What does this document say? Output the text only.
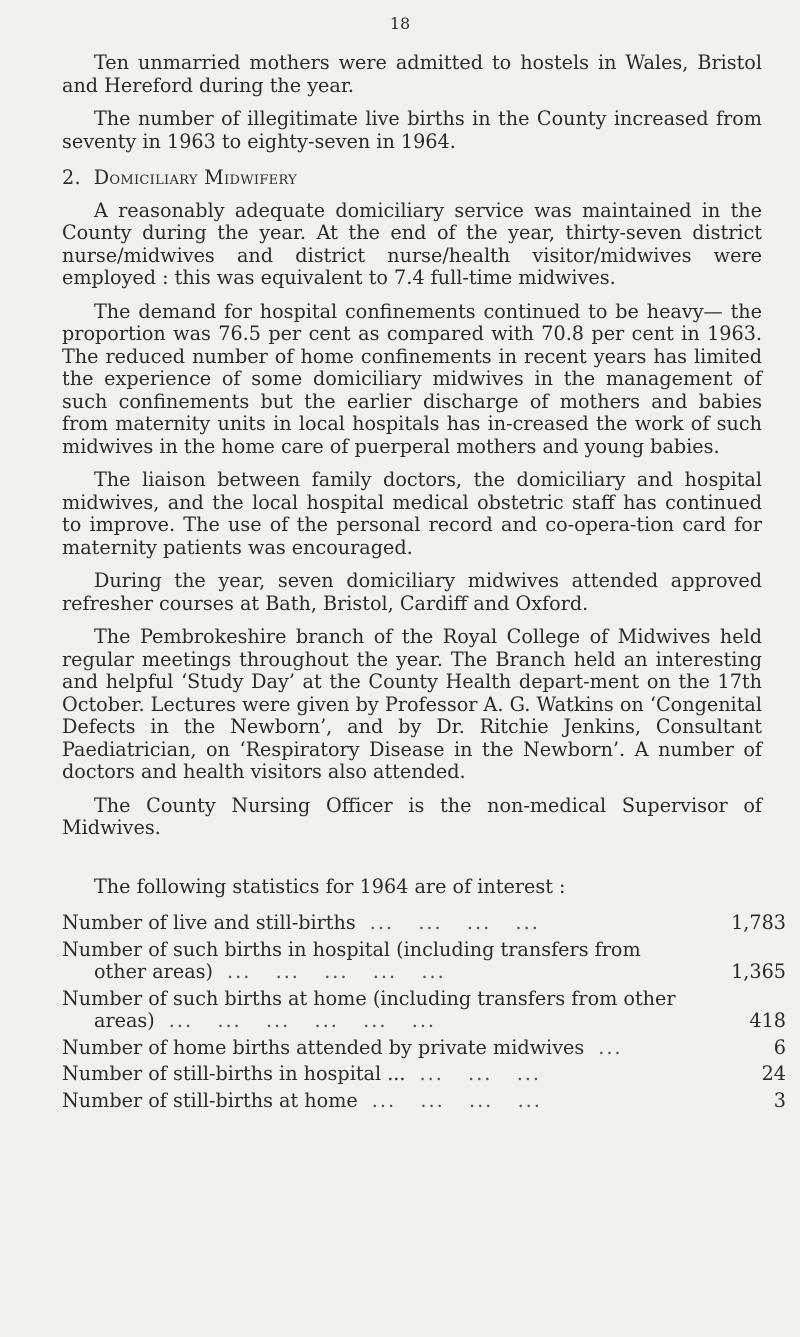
18

Ten unmarried mothers were admitted to hostels in Wales, Bristol and Hereford during the year.

The number of illegitimate live births in the County increased from seventy in 1963 to eighty-seven in 1964.

2. Domiciliary Midwifery

A reasonably adequate domiciliary service was maintained in the County during the year. At the end of the year, thirty-seven district nurse/midwives and district nurse/health visitor/midwives were employed : this was equivalent to 7.4 full-time midwives.

The demand for hospital confinements continued to be heavy— the proportion was 76.5 per cent as compared with 70.8 per cent in 1963. The reduced number of home confinements in recent years has limited the experience of some domiciliary midwives in the management of such confinements but the earlier discharge of mothers and babies from maternity units in local hospitals has in-creased the work of such midwives in the home care of puerperal mothers and young babies.

The liaison between family doctors, the domiciliary and hospital midwives, and the local hospital medical obstetric staff has continued to improve. The use of the personal record and co-opera-tion card for maternity patients was encouraged.

During the year, seven domiciliary midwives attended approved refresher courses at Bath, Bristol, Cardiff and Oxford.

The Pembrokeshire branch of the Royal College of Midwives held regular meetings throughout the year. The Branch held an interesting and helpful ‘Study Day’ at the County Health depart-ment on the 17th October. Lectures were given by Professor A. G. Watkins on ‘Congenital Defects in the Newborn’, and by Dr. Ritchie Jenkins, Consultant Paediatrician, on ‘Respiratory Disease in the Newborn’. A number of doctors and health visitors also attended.

The County Nursing Officer is the non-medical Supervisor of Midwives.

The following statistics for 1964 are of interest :

Number of live and still-births ...   ...   ...   ...	1,783
Number of such births in hospital (including transfers from
other areas) ...   ...   ...   ...   ...	1,365
Number of such births at home (including transfers from other
areas) ...   ...   ...   ...   ...   ...	418
Number of home births attended by private midwives ...	6
Number of still-births in hospital ... ...   ...   ...	24
Number of still-births at home ...   ...   ...   ...	3
